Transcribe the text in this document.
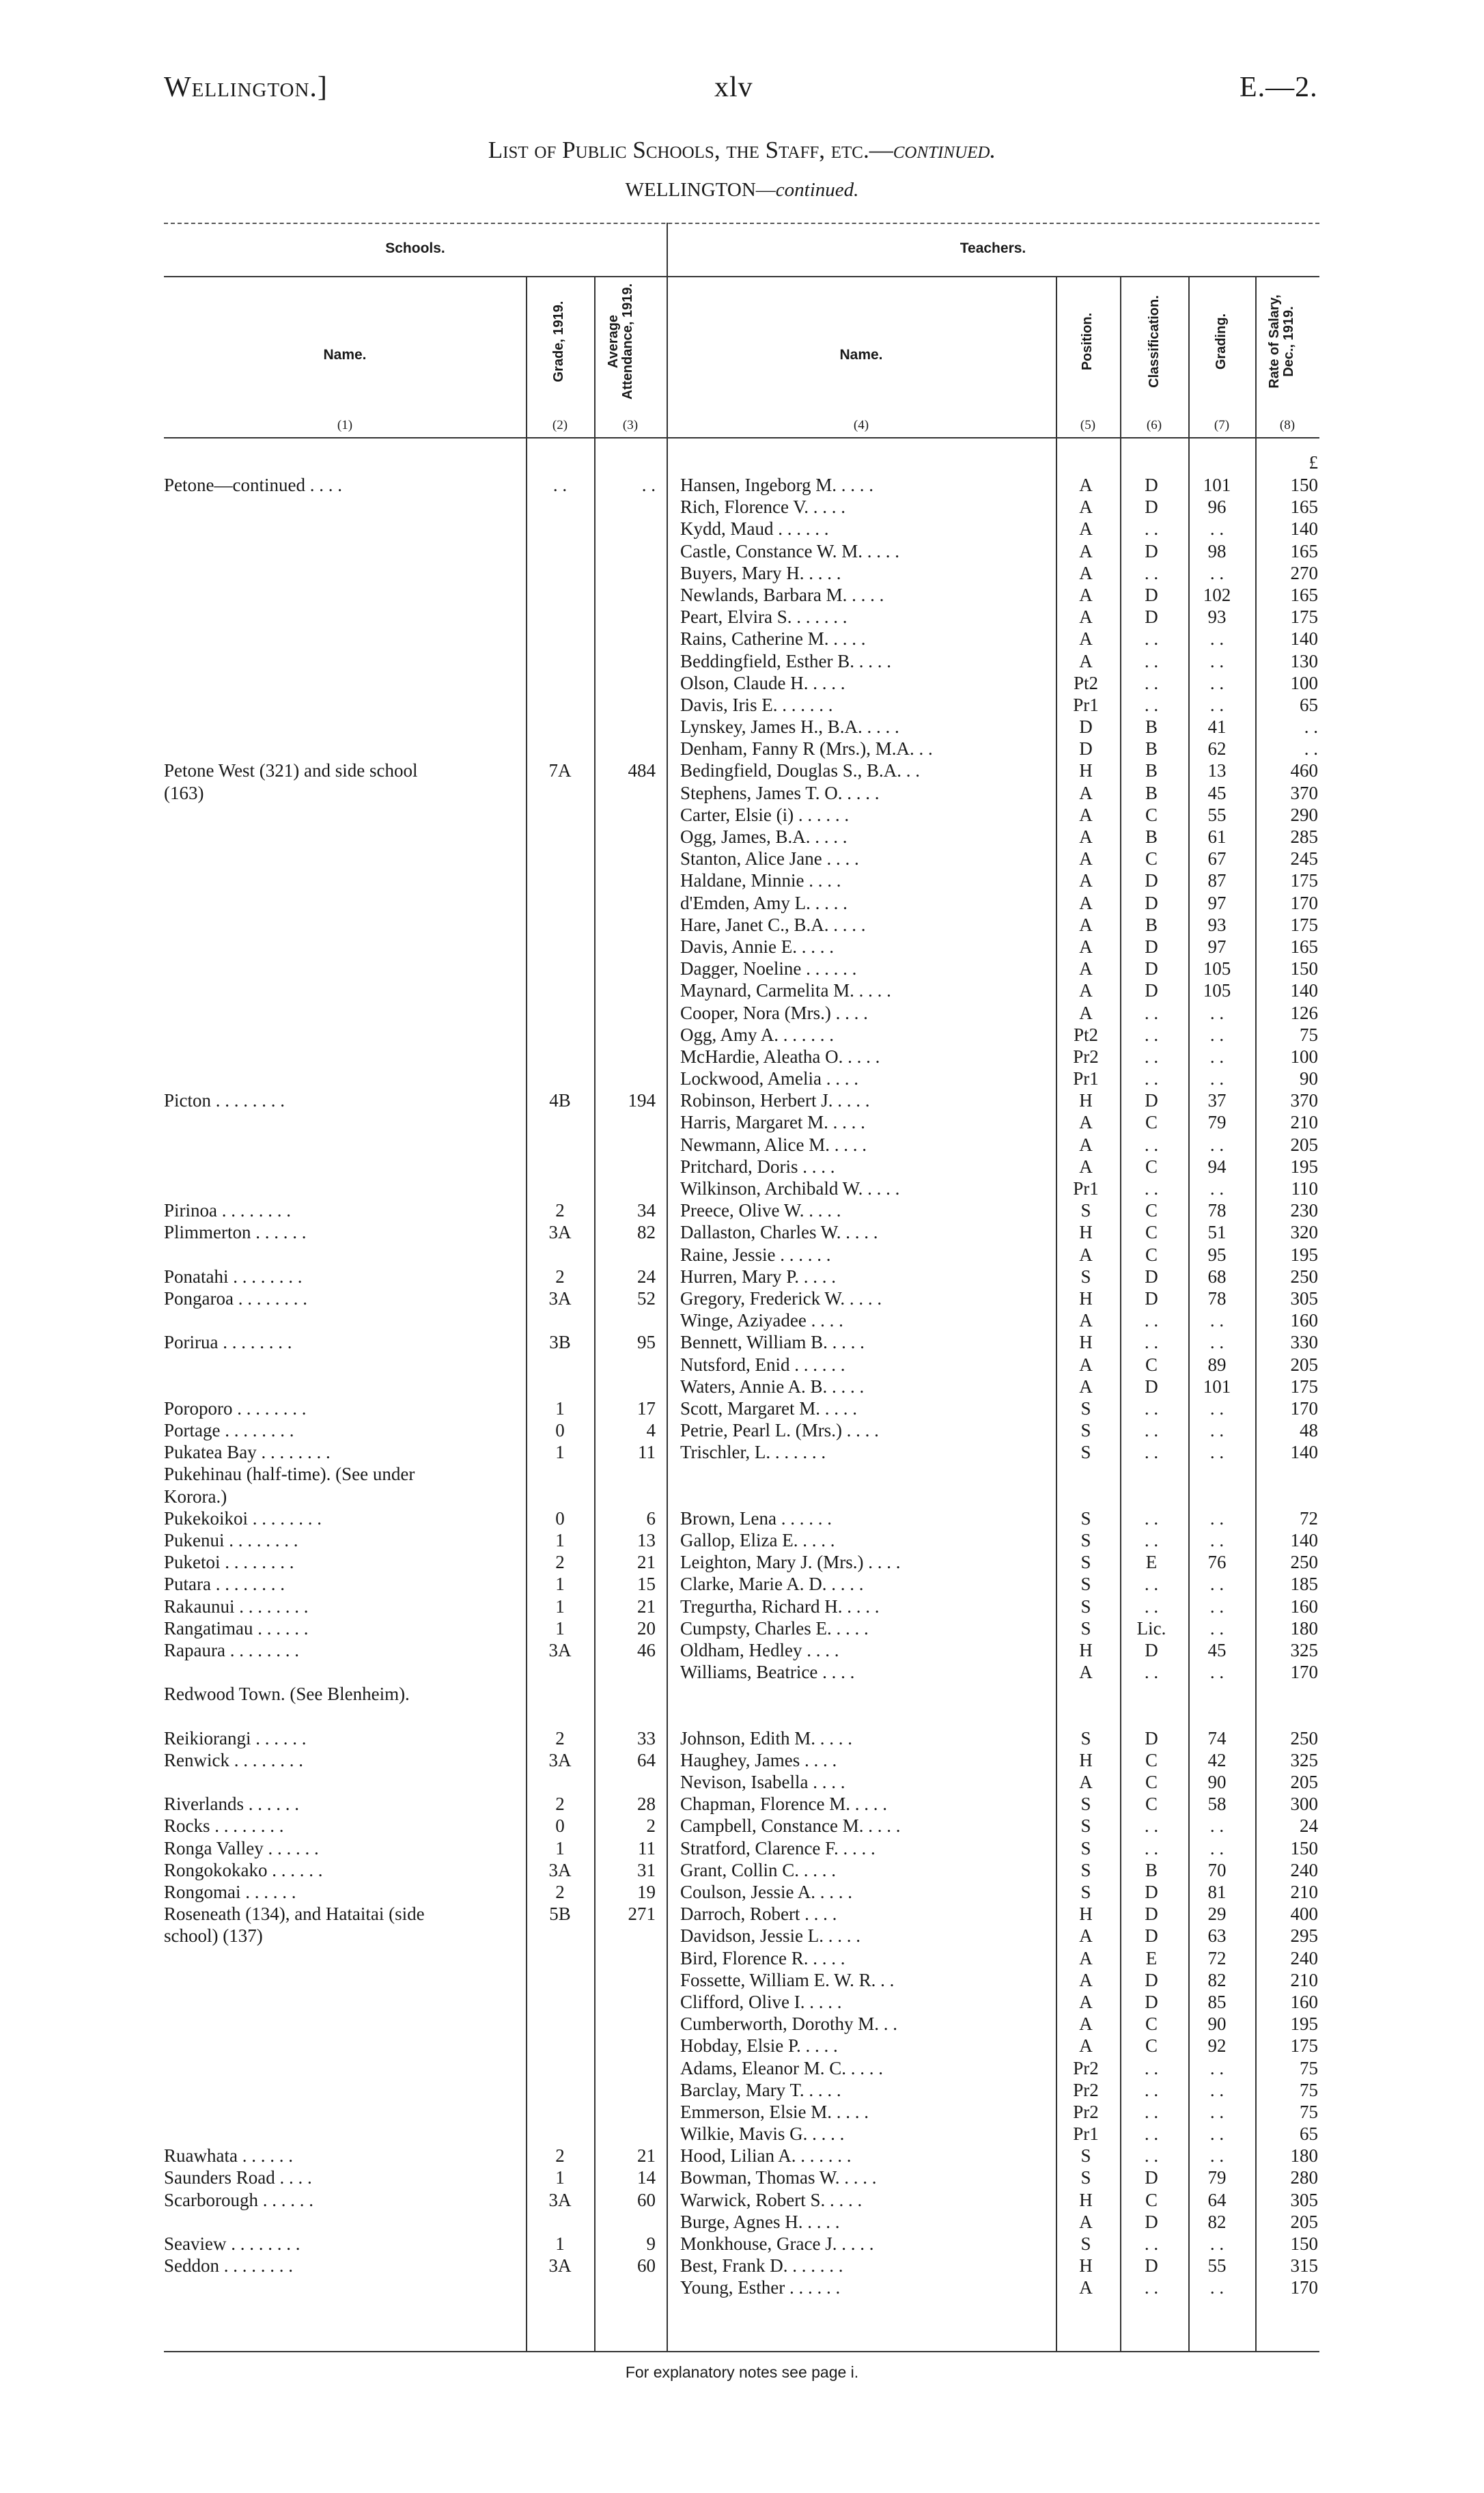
Wellington.]	xlv	E.—2.
List of Public Schools, the Staff, etc.—continued.
WELLINGTON—continued.
Schools.	Teachers.
Name.	Grade, 1919.	Average Attendance, 1919.	Name.	Position.	Classification.	Grading.	Rate of Salary, Dec., 1919.
(1)	(2)	(3)	(4)	(5)	(6)	(7)	(8)
£
Petone—continued . . . .	. .	. . Hansen, Ingeborg M. . . . .	A	D	101	150
Rich, Florence V. . . . .	A	D	96	165
Kydd, Maud . . . . . .	A	. .	. .	140
Castle, Constance W. M. . . . .	A	D	98	165
Buyers, Mary H. . . . .	A	. .	. .	270
Newlands, Barbara M. . . . .	A	D	102	165
Peart, Elvira S. . . . . . .	A	D	93	175
Rains, Catherine M. . . . .	A	. .	. .	140
Beddingfield, Esther B. . . . .	A	. .	. .	130
Olson, Claude H. . . . .	Pt2	. .	. .	100
Davis, Iris E. . . . . . .	Pr1	. .	. .	65
Lynskey, James H., B.A. . . . .	D	B	41	. .
Denham, Fanny R (Mrs.), M.A. . .	D	B	62	. .
Petone West (321) and side school	7A	484 Bedingfield, Douglas S., B.A. . .	H	B	13	460
(163)	Stephens, James T. O. . . . .	A	B	45	370
Carter, Elsie (i) . . . . . .	A	C	55	290
Ogg, James, B.A. . . . .	A	B	61	285
Stanton, Alice Jane . . . .	A	C	67	245
Haldane, Minnie . . . .	A	D	87	175
d'Emden, Amy L. . . . .	A	D	97	170
Hare, Janet C., B.A. . . . .	A	B	93	175
Davis, Annie E. . . . .	A	D	97	165
Dagger, Noeline . . . . . .	A	D	105	150
Maynard, Carmelita M. . . . .	A	D	105	140
Cooper, Nora (Mrs.) . . . .	A	. .	. .	126
Ogg, Amy A. . . . . . .	Pt2	. .	. .	75
McHardie, Aleatha O. . . . .	Pr2	. .	. .	100
Lockwood, Amelia . . . .	Pr1	. .	. .	90
Picton . . . . . . . .	4B	194 Robinson, Herbert J. . . . .	H	D	37	370
Harris, Margaret M. . . . .	A	C	79	210
Newmann, Alice M. . . . .	A	. .	. .	205
Pritchard, Doris . . . .	A	C	94	195
Wilkinson, Archibald W. . . . .	Pr1	. .	. .	110
Pirinoa . . . . . . . .	2	34 Preece, Olive W. . . . .	S	C	78	230
Plimmerton . . . . . .	3A	82 Dallaston, Charles W. . . . .	H	C	51	320
Raine, Jessie . . . . . .	A	C	95	195
Ponatahi . . . . . . . .	2	24 Hurren, Mary P. . . . .	S	D	68	250
Pongaroa . . . . . . . .	3A	52 Gregory, Frederick W. . . . .	H	D	78	305
Winge, Aziyadee . . . .	A	. .	. .	160
Porirua . . . . . . . .	3B	95 Bennett, William B. . . . .	H	. .	. .	330
Nutsford, Enid . . . . . .	A	C	89	205
Waters, Annie A. B. . . . .	A	D	101	175
Poroporo . . . . . . . .	1	17 Scott, Margaret M. . . . .	S	. .	. .	170
Portage . . . . . . . .	0	4 Petrie, Pearl L. (Mrs.) . . . .	S	. .	. .	48
Pukatea Bay . . . . . . . .	1	11 Trischler, L. . . . . . .	S	. .	. .	140
Pukehinau (half-time). (See under
Korora.)
Pukekoikoi . . . . . . . .	0	6 Brown, Lena . . . . . .	S	. .	. .	72
Pukenui . . . . . . . .	1	13 Gallop, Eliza E. . . . .	S	. .	. .	140
Puketoi . . . . . . . .	2	21 Leighton, Mary J. (Mrs.) . . . .	S	E	76	250
Putara . . . . . . . .	1	15 Clarke, Marie A. D. . . . .	S	. .	. .	185
Rakaunui . . . . . . . .	1	21 Tregurtha, Richard H. . . . .	S	. .	. .	160
Rangatimau . . . . . .	1	20 Cumpsty, Charles E. . . . .	S	Lic.	. .	180
Rapaura . . . . . . . .	3A	46 Oldham, Hedley . . . .	H	D	45	325
Williams, Beatrice . . . .	A	. .	. .	170
Redwood Town. (See Blenheim).
Reikiorangi . . . . . .	2	33 Johnson, Edith M. . . . .	S	D	74	250
Renwick . . . . . . . .	3A	64 Haughey, James . . . .	H	C	42	325
Nevison, Isabella . . . .	A	C	90	205
Riverlands . . . . . .	2	28 Chapman, Florence M. . . . .	S	C	58	300
Rocks . . . . . . . .	0	2 Campbell, Constance M. . . . .	S	. .	. .	24
Ronga Valley . . . . . .	1	11 Stratford, Clarence F. . . . .	S	. .	. .	150
Rongokokako . . . . . .	3A	31 Grant, Collin C. . . . .	S	B	70	240
Rongomai . . . . . .	2	19 Coulson, Jessie A. . . . .	S	D	81	210
Roseneath (134), and Hataitai (side	5B	271 Darroch, Robert . . . .	H	D	29	400
school) (137)	Davidson, Jessie L. . . . .	A	D	63	295
Bird, Florence R. . . . .	A	E	72	240
Fossette, William E. W. R. . .	A	D	82	210
Clifford, Olive I. . . . .	A	D	85	160
Cumberworth, Dorothy M. . .	A	C	90	195
Hobday, Elsie P. . . . .	A	C	92	175
Adams, Eleanor M. C. . . . .	Pr2	. .	. .	75
Barclay, Mary T. . . . .	Pr2	. .	. .	75
Emmerson, Elsie M. . . . .	Pr2	. .	. .	75
Wilkie, Mavis G. . . . .	Pr1	. .	. .	65
Ruawhata . . . . . .	2	21 Hood, Lilian A. . . . . . .	S	. .	. .	180
Saunders Road . . . .	1	14 Bowman, Thomas W. . . . .	S	D	79	280
Scarborough . . . . . .	3A	60 Warwick, Robert S. . . . .	H	C	64	305
Burge, Agnes H. . . . .	A	D	82	205
Seaview . . . . . . . .	1	9 Monkhouse, Grace J. . . . .	S	. .	. .	150
Seddon . . . . . . . .	3A	60 Best, Frank D. . . . . . .	H	D	55	315
Young, Esther . . . . . .	A	. .	. .	170
For explanatory notes see page i.
